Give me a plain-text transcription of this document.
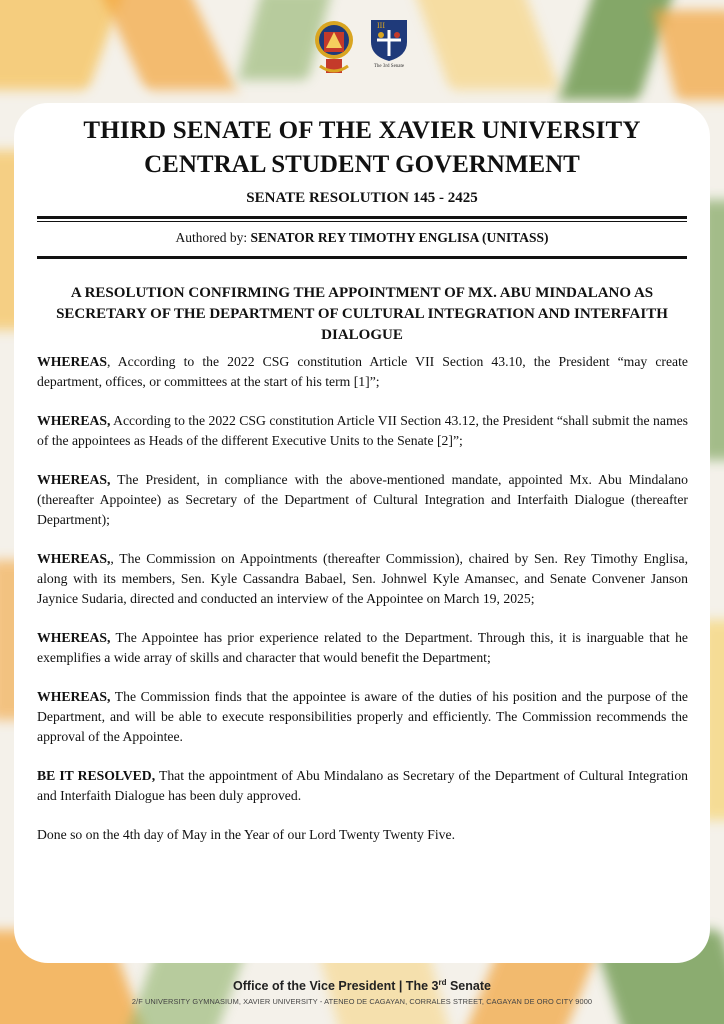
III
The 3rd Senate
THIRD SENATE OF THE XAVIER UNIVERSITY
CENTRAL STUDENT GOVERNMENT
SENATE RESOLUTION 145 - 2425
Authored by: SENATOR REY TIMOTHY ENGLISA (UNITASS)
A RESOLUTION CONFIRMING THE APPOINTMENT OF MX. ABU MINDALANO AS SECRETARY OF THE DEPARTMENT OF CULTURAL INTEGRATION AND INTERFAITH DIALOGUE

WHEREAS, According to the 2022 CSG constitution Article VII Section 43.10, the President “may create department, offices, or committees at the start of his term [1]”;

WHEREAS, According to the 2022 CSG constitution Article VII Section 43.12, the President “shall submit the names of the appointees as Heads of the different Executive Units to the Senate [2]”;

WHEREAS, The President, in compliance with the above-mentioned mandate, appointed Mx. Abu Mindalano (thereafter Appointee) as Secretary of the Department of Cultural Integration and Interfaith Dialogue (thereafter Department);

WHEREAS,, The Commission on Appointments (thereafter Commission), chaired by Sen. Rey Timothy Englisa, along with its members, Sen. Kyle Cassandra Babael, Sen. Johnwel Kyle Amansec, and Senate Convener Janson Jaynice Sudaria, directed and conducted an interview of the Appointee on March 19, 2025;

WHEREAS, The Appointee has prior experience related to the Department. Through this, it is inarguable that he exemplifies a wide array of skills and character that would benefit the Department;

WHEREAS, The Commission finds that the appointee is aware of the duties of his position and the purpose of the Department, and will be able to execute responsibilities properly and efficiently. The Commission recommends the approval of the Appointee.

BE IT RESOLVED, That the appointment of Abu Mindalano as Secretary of the Department of Cultural Integration and Interfaith Dialogue has been duly approved.

Done so on the 4th day of May in the Year of our Lord Twenty Twenty Five.

Office of the Vice President | The 3rd Senate
2/F UNIVERSITY GYMNASIUM, XAVIER UNIVERSITY - ATENEO DE CAGAYAN, CORRALES STREET, CAGAYAN DE ORO CITY 9000
